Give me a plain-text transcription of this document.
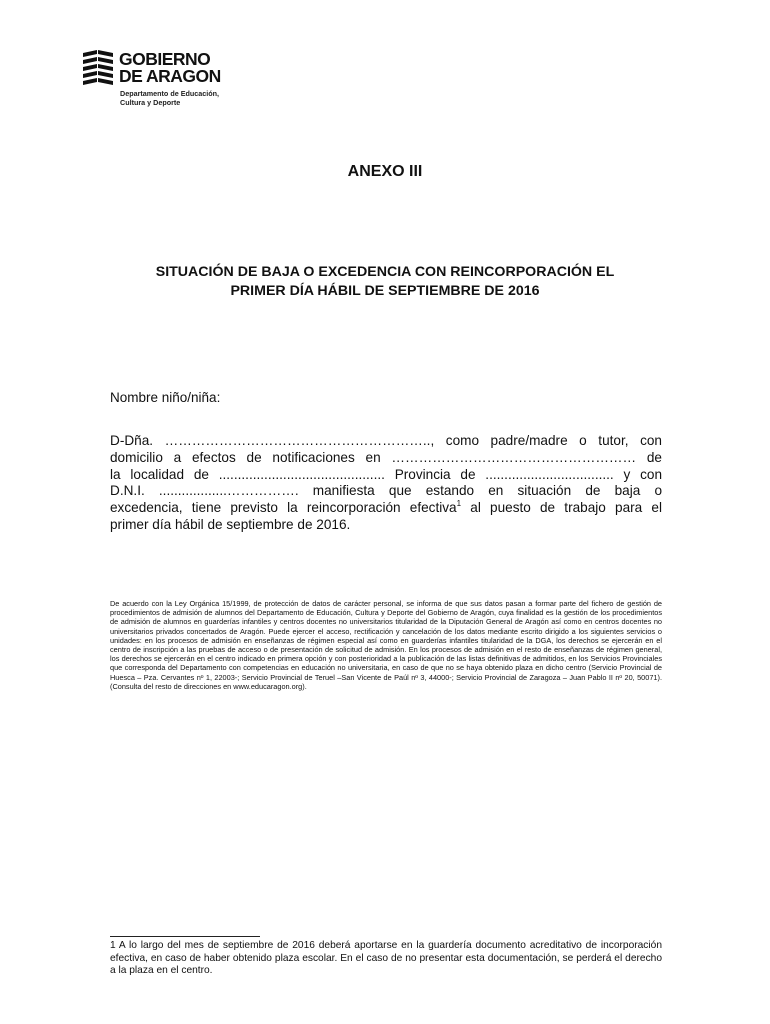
GOBIERNO
DE ARAGON
Departamento de Educación,
Cultura y Deporte
ANEXO III
SITUACIÓN DE BAJA O EXCEDENCIA CON REINCORPORACIÓN EL
PRIMER DÍA HÁBIL DE SEPTIEMBRE DE 2016
Nombre niño/niña:

D-Dña. ………………………………………………….., como padre/madre o tutor, con

domicilio a efectos de notificaciones en ……………………………………………… de

la localidad de ............................................ Provincia de .................................. y con

D.N.I. ..................……………. manifiesta que estando en situación de baja o

excedencia, tiene previsto la reincorporación efectiva$^1$ al puesto de trabajo para el

primer día hábil de septiembre de 2016.

De acuerdo con la Ley Orgánica 15/1999, de protección de datos de carácter personal, se informa de que sus datos pasan a formar parte del fichero de gestión de procedimientos de admisión de alumnos del Departamento de Educación, Cultura y Deporte del Gobierno de Aragón, cuya finalidad es la gestión de los procedimientos de admisión de alumnos en guarderías infantiles y centros docentes no universitarios titularidad de la Diputación General de Aragón así como en centros docentes no universitarios privados concertados de Aragón. Puede ejercer el acceso, rectificación y cancelación de los datos mediante escrito dirigido a los siguientes servicios o unidades: en los procesos de admisión en enseñanzas de régimen especial así como en guarderías infantiles titularidad de la DGA, los derechos se ejercerán en el centro de inscripción a las pruebas de acceso o de presentación de solicitud de admisión. En los procesos de admisión en el resto de enseñanzas de régimen general, los derechos se ejercerán en el centro indicado en primera opción y con posterioridad a la publicación de las listas definitivas de admitidos, en los Servicios Provinciales que corresponda del Departamento con competencias en educación no universitaria, en caso de que no se haya obtenido plaza en dicho centro (Servicio Provincial de Huesca – Pza. Cervantes nº 1, 22003-; Servicio Provincial de Teruel –San Vicente de Paúl nº 3, 44000-; Servicio Provincial de Zaragoza – Juan Pablo II nº 20, 50071). (Consulta del resto de direcciones en www.educaragon.org).
1 A lo largo del mes de septiembre de 2016 deberá aportarse en la guardería documento acreditativo de incorporación efectiva, en caso de haber obtenido plaza escolar. En el caso de no presentar esta documentación, se perderá el derecho a la plaza en el centro.
